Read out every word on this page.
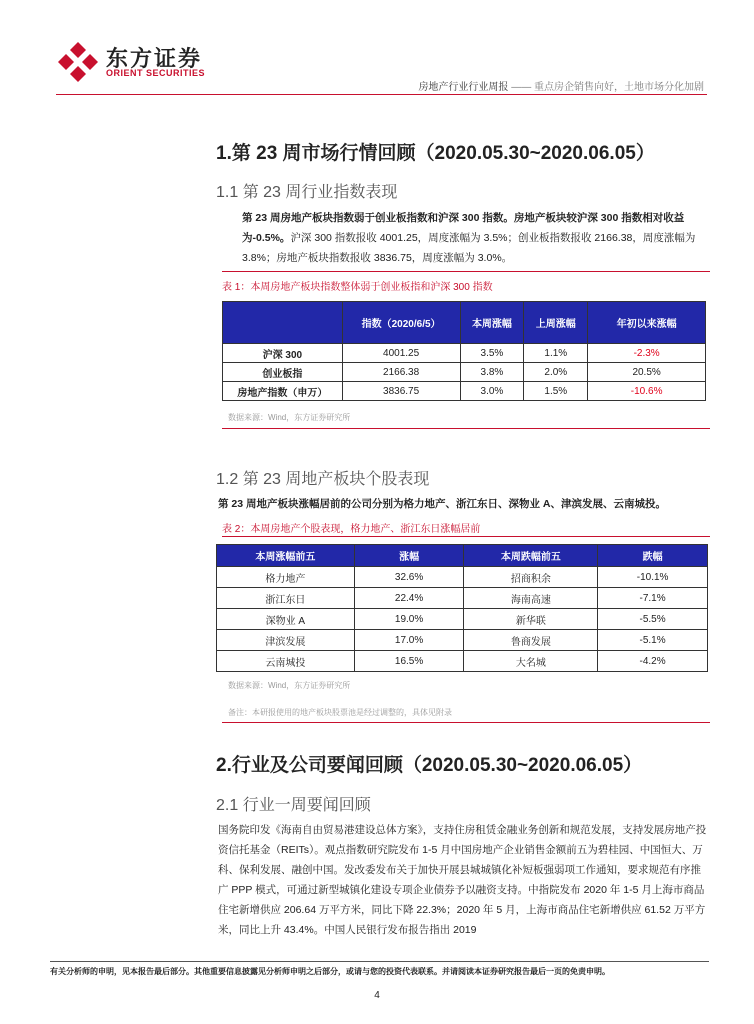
东方证券
ORIENT SECURITIES
房地产行业行业周报 —— 重点房企销售向好，土地市场分化加剧
1.第 23 周市场行情回顾（2020.05.30~2020.06.05）
1.1 第 23 周行业指数表现
第 23 周房地产板块指数弱于创业板指数和沪深 300 指数。房地产板块较沪深 300 指数相对收益为-0.5%。沪深 300 指数报收 4001.25，周度涨幅为 3.5%；创业板指数报收 2166.38，周度涨幅为 3.8%；房地产板块指数报收 3836.75，周度涨幅为 3.0%。
表 1：本周房地产板块指数整体弱于创业板指和沪深 300 指数
	指数（2020/6/5）	本周涨幅	上周涨幅	年初以来涨幅
沪深 300	4001.25	3.5%	1.1%	-2.3%
创业板指	2166.38	3.8%	2.0%	20.5%
房地产指数（申万）	3836.75	3.0%	1.5%	-10.6%
数据来源：Wind，东方证券研究所
1.2 第 23 周地产板块个股表现
第 23 周地产板块涨幅居前的公司分别为格力地产、浙江东日、深物业 A、津滨发展、云南城投。
表 2：本周房地产个股表现，格力地产、浙江东日涨幅居前
本周涨幅前五	涨幅	本周跌幅前五	跌幅
格力地产	32.6%	招商积余	-10.1%
浙江东日	22.4%	海南高速	-7.1%
深物业 A	19.0%	新华联	-5.5%
津滨发展	17.0%	鲁商发展	-5.1%
云南城投	16.5%	大名城	-4.2%
数据来源：Wind，东方证券研究所
备注：本研报使用的地产板块股票池是经过调整的，具体见附录
2.行业及公司要闻回顾（2020.05.30~2020.06.05）
2.1 行业一周要闻回顾
国务院印发《海南自由贸易港建设总体方案》，支持住房租赁金融业务创新和规范发展，支持发展房地产投资信托基金（REITs）。观点指数研究院发布 1-5 月中国房地产企业销售金额前五为碧桂园、中国恒大、万科、保利发展、融创中国。发改委发布关于加快开展县城城镇化补短板强弱项工作通知，要求规范有序推广 PPP 模式，可通过新型城镇化建设专项企业债券予以融资支持。中指院发布 2020 年 1-5 月上海市商品住宅新增供应 206.64 万平方米，同比下降 22.3%；2020 年 5 月，上海市商品住宅新增供应 61.52 万平方米，同比上升 43.4%。中国人民银行发布报告指出 2019
有关分析师的申明，见本报告最后部分。其他重要信息披露见分析师申明之后部分，或请与您的投资代表联系。并请阅读本证券研究报告最后一页的免责申明。
4
